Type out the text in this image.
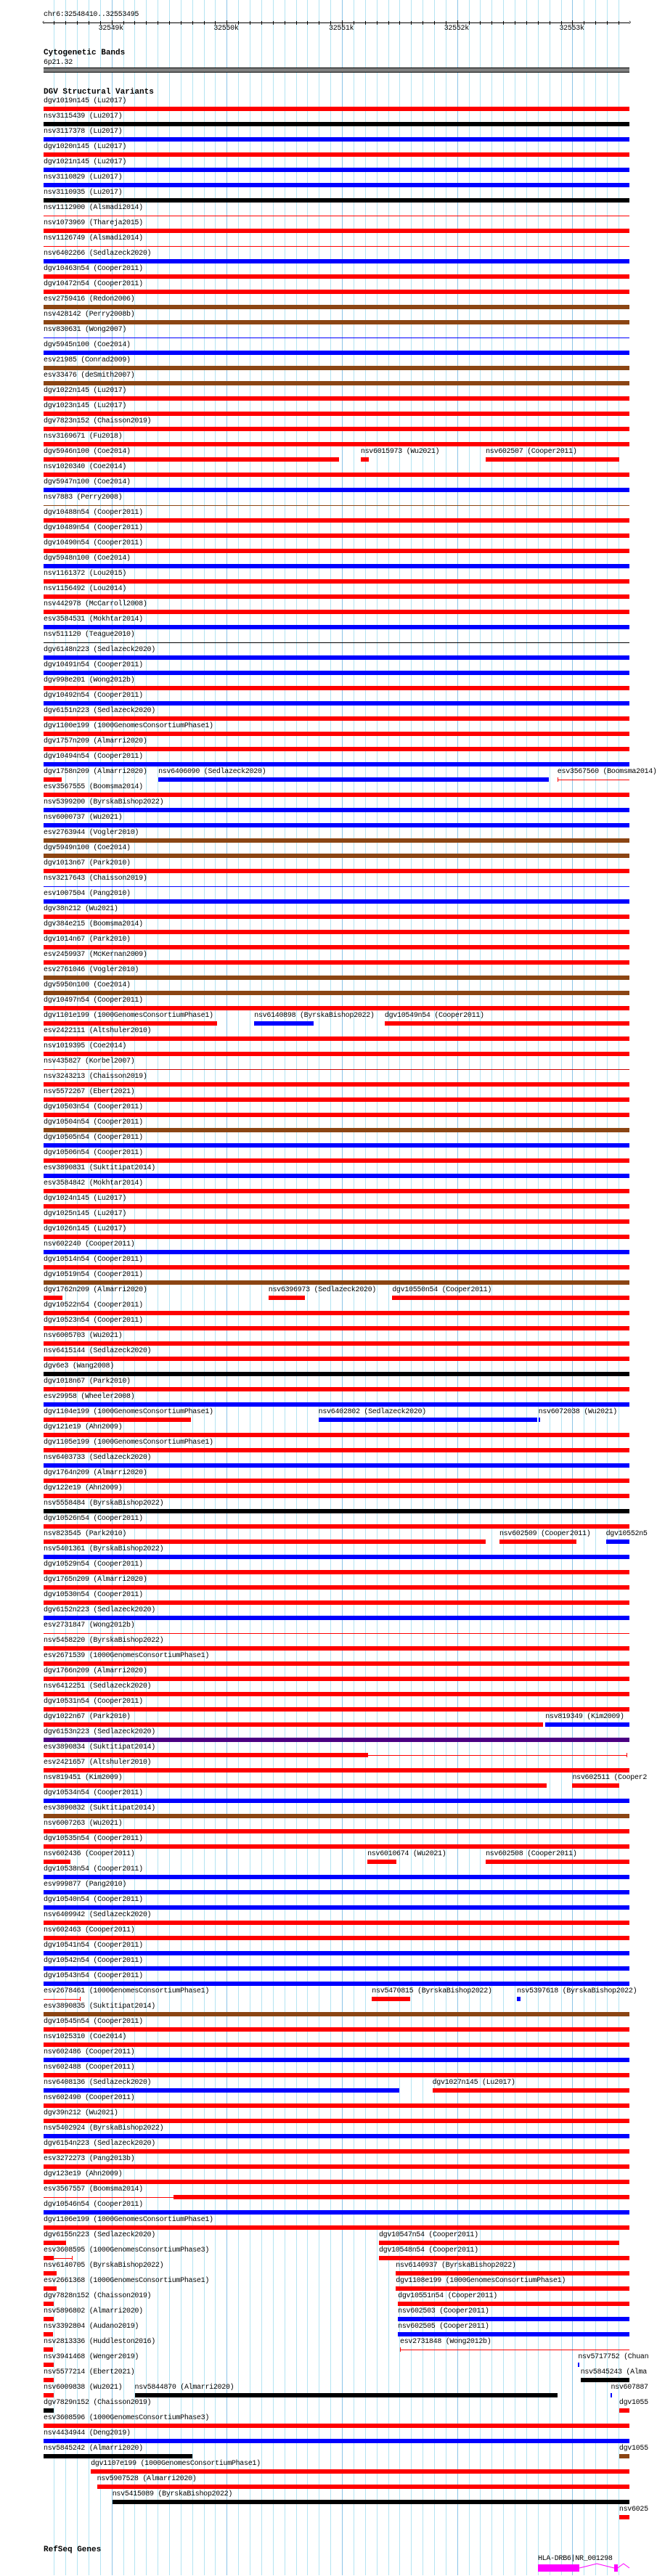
chr6:32548410..32553495
‹	›
32549k	32550k	32551k	32552k	32553k
Cytogenetic Bands
6p21.32
DGV Structural Variants
dgv1019n145 (Lu2017)
nsv3115439 (Lu2017)
nsv3117378 (Lu2017)
dgv1020n145 (Lu2017)
dgv1021n145 (Lu2017)
nsv3110829 (Lu2017)
nsv3110935 (Lu2017)
nsv1112900 (Alsmadi2014)
nsv1073969 (Thareja2015)
nsv1126749 (Alsmadi2014)
nsv6402266 (Sedlazeck2020)
dgv10463n54 (Cooper2011)
dgv10472n54 (Cooper2011)
esv2759416 (Redon2006)
nsv428142 (Perry2008b)
nsv830631 (Wong2007)
dgv5945n100 (Coe2014)
esv21985 (Conrad2009)
esv33476 (deSmith2007)
dgv1022n145 (Lu2017)
dgv1023n145 (Lu2017)
dgv7823n152 (Chaisson2019)
nsv3169671 (Fu2018)
dgv5946n100 (Coe2014)	nsv6015973 (Wu2021)	nsv602507 (Cooper2011)
nsv1020340 (Coe2014)
dgv5947n100 (Coe2014)
nsv7883 (Perry2008)
dgv10488n54 (Cooper2011)
dgv10489n54 (Cooper2011)
dgv10490n54 (Cooper2011)
dgv5948n100 (Coe2014)
nsv1161372 (Lou2015)
nsv1156492 (Lou2014)
nsv442978 (McCarroll2008)
esv3584531 (Mokhtar2014)
nsv511120 (Teague2010)
dgv6148n223 (Sedlazeck2020)
dgv10491n54 (Cooper2011)
dgv998e201 (Wong2012b)
dgv10492n54 (Cooper2011)
dgv6151n223 (Sedlazeck2020)
dgv1100e199 (1000GenomesConsortiumPhase1)
dgv1757n209 (Almarri2020)
dgv10494n54 (Cooper2011)
dgv1758n209 (Almarri2020) nsv6406090 (Sedlazeck2020)	esv3567560 (Boomsma2014)
esv3567555 (Boomsma2014)
nsv5399200 (ByrskaBishop2022)
nsv6000737 (Wu2021)
esv2763944 (Vogler2010)
dgv5949n100 (Coe2014)
dgv1013n67 (Park2010)
nsv3217643 (Chaisson2019)
esv1007504 (Pang2010)
dgv38n212 (Wu2021)
dgv384e215 (Boomsma2014)
dgv1014n67 (Park2010)
esv2459937 (McKernan2009)
esv2761046 (Vogler2010)
dgv5950n100 (Coe2014)
dgv10497n54 (Cooper2011)
dgv1101e199 (1000GenomesConsortiumPhase1)	nsv6140898 (ByrskaBishop2022) dgv10549n54 (Cooper2011)
esv2422111 (Altshuler2010)
nsv1019395 (Coe2014)
nsv435827 (Korbel2007)
nsv3243213 (Chaisson2019)
nsv5572267 (Ebert2021)
dgv10503n54 (Cooper2011)
dgv10504n54 (Cooper2011)
dgv10505n54 (Cooper2011)
dgv10506n54 (Cooper2011)
esv3890831 (Suktitipat2014)
esv3584842 (Mokhtar2014)
dgv1024n145 (Lu2017)
dgv1025n145 (Lu2017)
dgv1026n145 (Lu2017)
nsv602240 (Cooper2011)
dgv10514n54 (Cooper2011)
dgv10519n54 (Cooper2011)
dgv1762n209 (Almarri2020)	nsv6396973 (Sedlazeck2020) dgv10550n54 (Cooper2011)
dgv10522n54 (Cooper2011)
dgv10523n54 (Cooper2011)
nsv6005703 (Wu2021)
nsv6415144 (Sedlazeck2020)
dgv6e3 (Wang2008)
dgv1018n67 (Park2010)
esv29958 (Wheeler2008)
dgv1104e199 (1000GenomesConsortiumPhase1)	nsv6402802 (Sedlazeck2020)	nsv6072038 (Wu2021)
dgv121e19 (Ahn2009)
dgv1105e199 (1000GenomesConsortiumPhase1)
nsv6403733 (Sedlazeck2020)
dgv1764n209 (Almarri2020)
dgv122e19 (Ahn2009)
nsv5558484 (ByrskaBishop2022)
dgv10526n54 (Cooper2011)
nsv823545 (Park2010)	nsv602509 (Cooper2011) dgv10552n5
nsv5401361 (ByrskaBishop2022)
dgv10529n54 (Cooper2011)
dgv1765n209 (Almarri2020)
dgv10530n54 (Cooper2011)
dgv6152n223 (Sedlazeck2020)
esv2731847 (Wong2012b)
nsv5458220 (ByrskaBishop2022)
esv2671539 (1000GenomesConsortiumPhase1)
dgv1766n209 (Almarri2020)
nsv6412251 (Sedlazeck2020)
dgv10531n54 (Cooper2011)
dgv1022n67 (Park2010)	nsv819349 (Kim2009)
dgv6153n223 (Sedlazeck2020)
esv3890834 (Suktitipat2014)
esv2421657 (Altshuler2010)
nsv819451 (Kim2009)	nsv602511 (Cooper2
dgv10534n54 (Cooper2011)
esv3890832 (Suktitipat2014)
nsv6007263 (Wu2021)
dgv10535n54 (Cooper2011)
nsv602436 (Cooper2011)	nsv6010674 (Wu2021)	nsv602508 (Cooper2011)
dgv10538n54 (Cooper2011)
esv999877 (Pang2010)
dgv10540n54 (Cooper2011)
nsv6409942 (Sedlazeck2020)
nsv602463 (Cooper2011)
dgv10541n54 (Cooper2011)
dgv10542n54 (Cooper2011)
dgv10543n54 (Cooper2011)
esv2678461 (1000GenomesConsortiumPhase1)	nsv5470815 (ByrskaBishop2022)	nsv5397618 (ByrskaBishop2022)
esv3890835 (Suktitipat2014)
dgv10545n54 (Cooper2011)
nsv1025310 (Coe2014)
nsv602486 (Cooper2011)
nsv602488 (Cooper2011)
nsv6408136 (Sedlazeck2020)	dgv1027n145 (Lu2017)
nsv602490 (Cooper2011)
dgv39n212 (Wu2021)
nsv5402924 (ByrskaBishop2022)
dgv6154n223 (Sedlazeck2020)
esv3272273 (Pang2013b)
dgv123e19 (Ahn2009)
esv3567557 (Boomsma2014)
dgv10546n54 (Cooper2011)
dgv1106e199 (1000GenomesConsortiumPhase1)
dgv6155n223 (Sedlazeck2020)	dgv10547n54 (Cooper2011)
esv3608595 (1000GenomesConsortiumPhase3)	dgv10548n54 (Cooper2011)
nsv6140705 (ByrskaBishop2022)	nsv6140937 (ByrskaBishop2022)
esv2661368 (1000GenomesConsortiumPhase1)	dgv1108e199 (1000GenomesConsortiumPhase1)
dgv7828n152 (Chaisson2019)	dgv10551n54 (Cooper2011)
nsv5896802 (Almarri2020)	nsv602503 (Cooper2011)
nsv3392804 (Audano2019)	nsv602505 (Cooper2011)
nsv2813336 (Huddleston2016)	esv2731848 (Wong2012b)
nsv3941468 (Wenger2019)	nsv5717752 (Chuan
nsv5577214 (Ebert2021)	nsv5845243 (Alma
nsv6009838 (Wu2021) nsv5844870 (Almarri2020)	nsv607887
dgv7829n152 (Chaisson2019)	dgv1055
esv3608596 (1000GenomesConsortiumPhase3)
nsv4434944 (Deng2019)
nsv5845242 (Almarri2020)	dgv1055
dgv1107e199 (1000GenomesConsortiumPhase1)
nsv5907528 (Almarri2020)
nsv5415089 (ByrskaBishop2022)
nsv6025
RefSeq Genes
HLA-DRB6|NR_001298
